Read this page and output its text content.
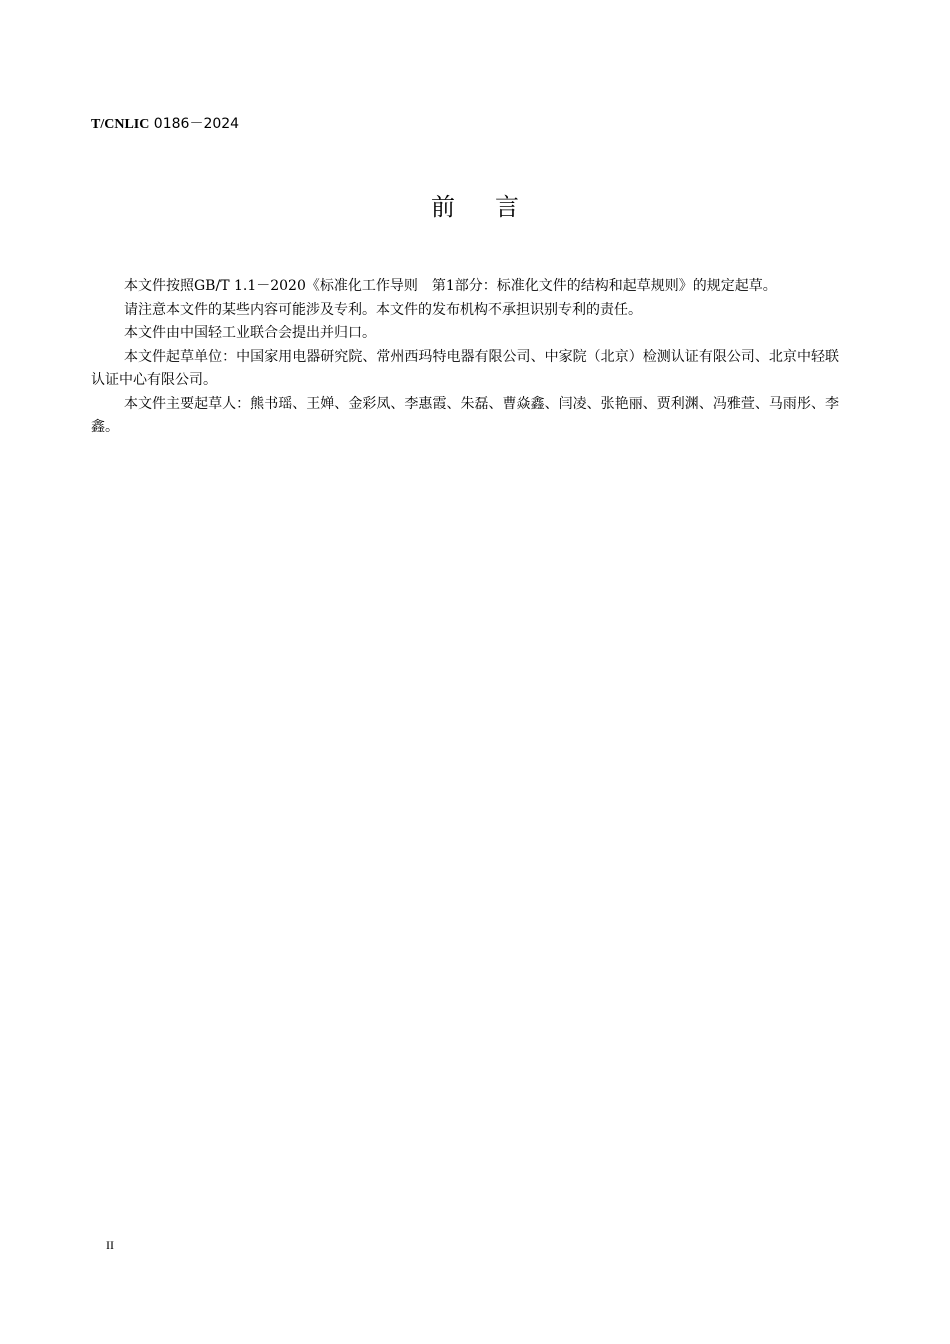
T/CNLIC 0186－2024
前言

本文件按照GB/T 1.1－2020《标准化工作导则　第1部分：标准化文件的结构和起草规则》的规定起草。

请注意本文件的某些内容可能涉及专利。本文件的发布机构不承担识别专利的责任。

本文件由中国轻工业联合会提出并归口。

本文件起草单位：中国家用电器研究院、常州西玛特电器有限公司、中家院（北京）检测认证有限公司、北京中轻联认证中心有限公司。

本文件主要起草人：熊书瑶、王婵、金彩凤、李惠霞、朱磊、曹焱鑫、闫凌、张艳丽、贾利渊、冯雅萱、马雨彤、李鑫。

II
